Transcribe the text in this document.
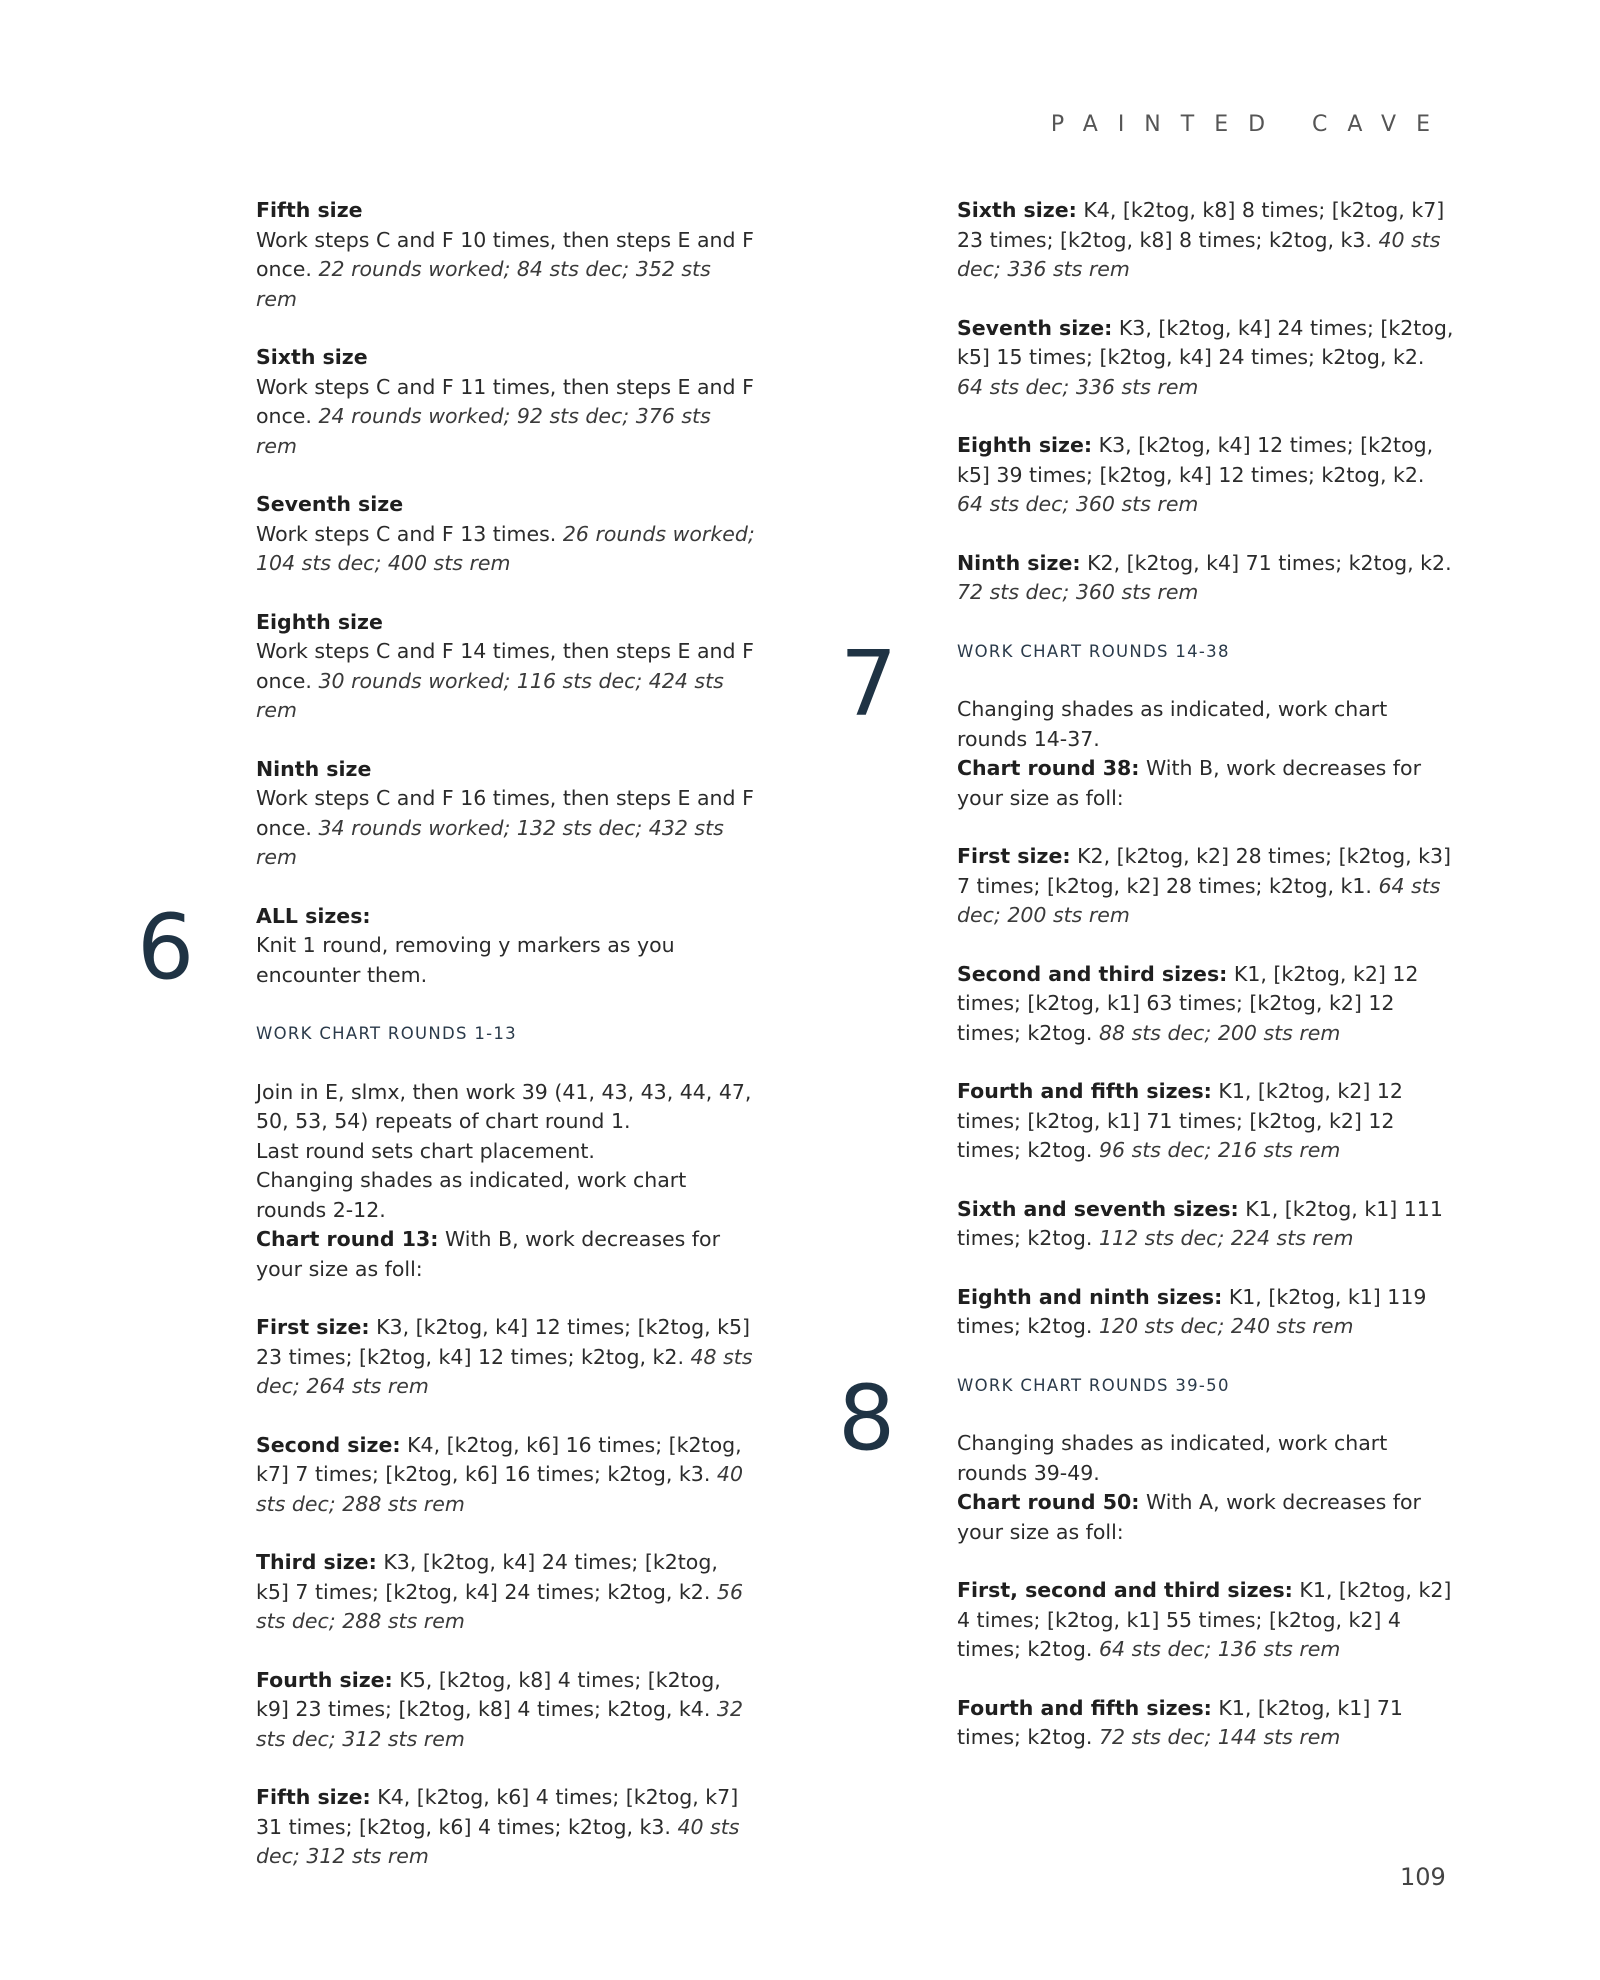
PAINTED CAVE

Fifth size

Work steps C and F 10 times, then steps E and F once. 22 rounds worked; 84 sts dec; 352 sts rem

Sixth size

Work steps C and F 11 times, then steps E and F once. 24 rounds worked; 92 sts dec; 376 sts rem

Seventh size

Work steps C and F 13 times. 26 rounds worked; 104 sts dec; 400 sts rem

Eighth size

Work steps C and F 14 times, then steps E and F once. 30 rounds worked; 116 sts dec; 424 sts rem

Ninth size

Work steps C and F 16 times, then steps E and F once. 34 rounds worked; 132 sts dec; 432 sts rem

ALL sizes:

Knit 1 round, removing y markers as you encounter them.

WORK CHART ROUNDS 1-13

Join in E, slmx, then work 39 (41, 43, 43, 44, 47, 50, 53, 54) repeats of chart round 1.

Last round sets chart placement.

Changing shades as indicated, work chart rounds 2-12.

Chart round 13: With B, work decreases for your size as foll:

First size: K3, [k2tog, k4] 12 times; [k2tog, k5] 23 times; [k2tog, k4] 12 times; k2tog, k2. 48 sts dec; 264 sts rem

Second size: K4, [k2tog, k6] 16 times; [k2tog, k7] 7 times; [k2tog, k6] 16 times; k2tog, k3. 40 sts dec; 288 sts rem

Third size: K3, [k2tog, k4] 24 times; [k2tog, k5] 7 times; [k2tog, k4] 24 times; k2tog, k2. 56 sts dec; 288 sts rem

Fourth size: K5, [k2tog, k8] 4 times; [k2tog, k9] 23 times; [k2tog, k8] 4 times; k2tog, k4. 32 sts dec; 312 sts rem

Fifth size: K4, [k2tog, k6] 4 times; [k2tog, k7] 31 times; [k2tog, k6] 4 times; k2tog, k3. 40 sts dec; 312 sts rem

Sixth size: K4, [k2tog, k8] 8 times; [k2tog, k7] 23 times; [k2tog, k8] 8 times; k2tog, k3. 40 sts dec; 336 sts rem

Seventh size: K3, [k2tog, k4] 24 times; [k2tog, k5] 15 times; [k2tog, k4] 24 times; k2tog, k2. 64 sts dec; 336 sts rem

Eighth size: K3, [k2tog, k4] 12 times; [k2tog, k5] 39 times; [k2tog, k4] 12 times; k2tog, k2. 64 sts dec; 360 sts rem

Ninth size: K2, [k2tog, k4] 71 times; k2tog, k2. 72 sts dec; 360 sts rem

WORK CHART ROUNDS 14-38

Changing shades as indicated, work chart rounds 14-37.

Chart round 38: With B, work decreases for your size as foll:

First size: K2, [k2tog, k2] 28 times; [k2tog, k3] 7 times; [k2tog, k2] 28 times; k2tog, k1. 64 sts dec; 200 sts rem

Second and third sizes: K1, [k2tog, k2] 12 times; [k2tog, k1] 63 times; [k2tog, k2] 12 times; k2tog. 88 sts dec; 200 sts rem

Fourth and fifth sizes: K1, [k2tog, k2] 12 times; [k2tog, k1] 71 times; [k2tog, k2] 12 times; k2tog. 96 sts dec; 216 sts rem

Sixth and seventh sizes: K1, [k2tog, k1] 111 times; k2tog. 112 sts dec; 224 sts rem

Eighth and ninth sizes: K1, [k2tog, k1] 119 times; k2tog. 120 sts dec; 240 sts rem

WORK CHART ROUNDS 39-50

Changing shades as indicated, work chart rounds 39-49.

Chart round 50: With A, work decreases for your size as foll:

First, second and third sizes: K1, [k2tog, k2] 4 times; [k2tog, k1] 55 times; [k2tog, k2] 4 times; k2tog. 64 sts dec; 136 sts rem

Fourth and fifth sizes: K1, [k2tog, k1] 71 times; k2tog. 72 sts dec; 144 sts rem

6
7
8
109
